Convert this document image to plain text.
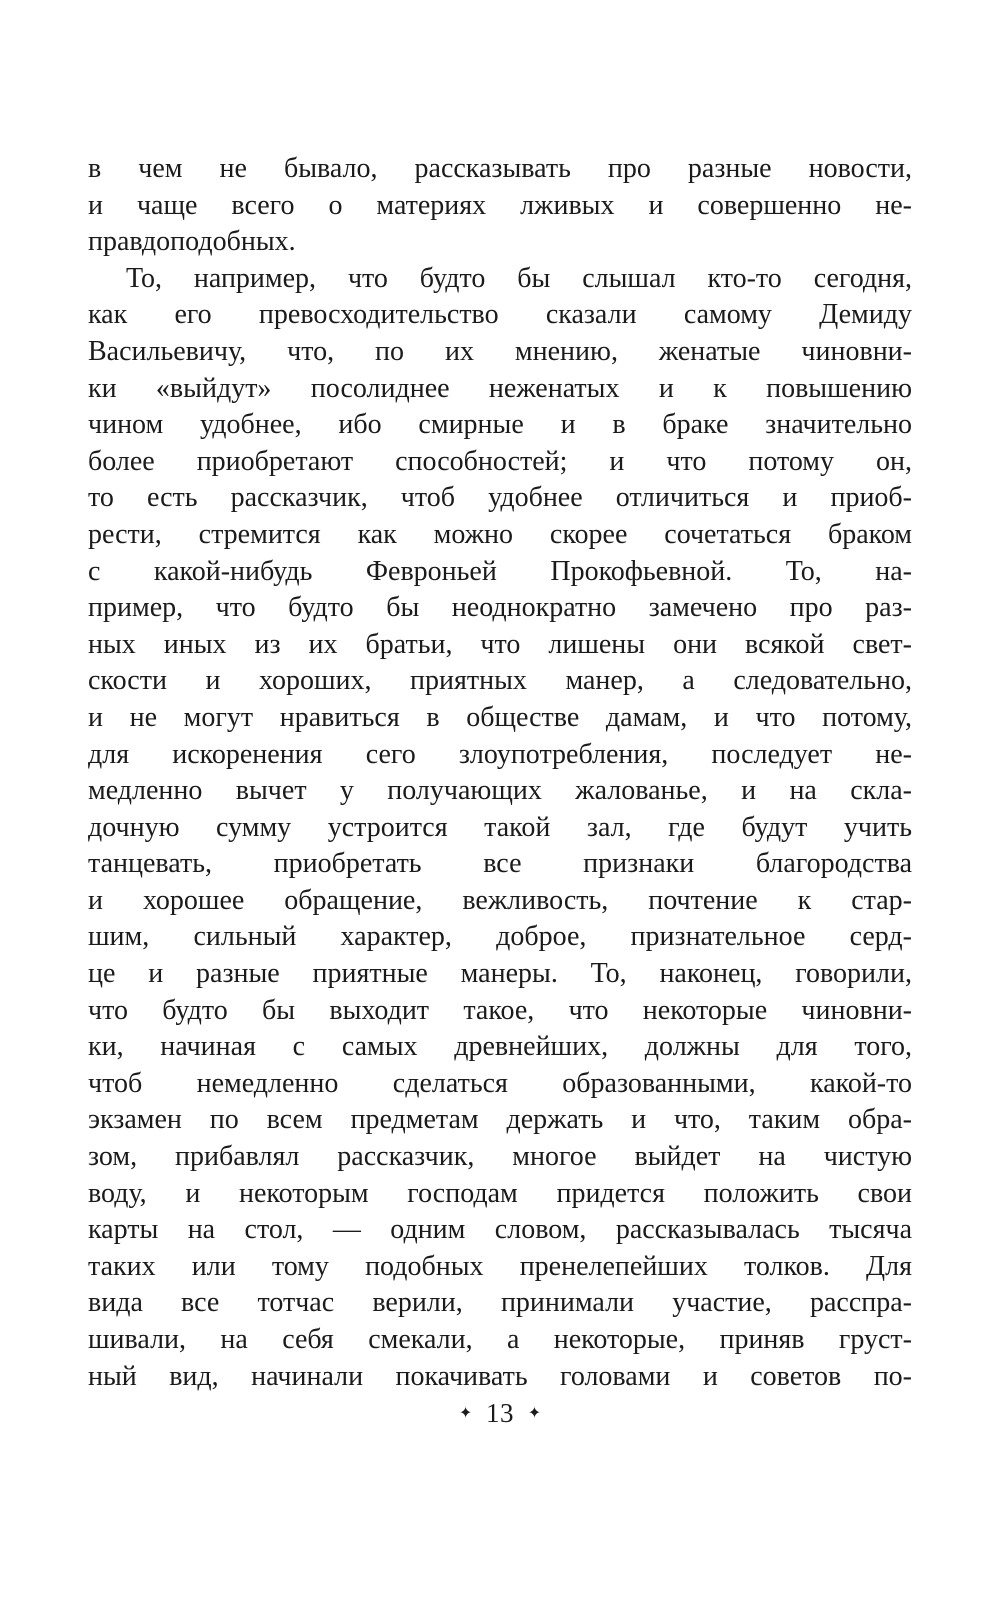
в чем не бывало, рассказывать про разные новости,
и чаще всего о материях лживых и совершенно не-
правдоподобных.
То, например, что будто бы слышал кто-то сегодня,
как его превосходительство сказали самому Демиду
Васильевичу, что, по их мнению, женатые чиновни-
ки «выйдут» посолиднее неженатых и к повышению
чином удобнее, ибо смирные и в браке значительно
более приобретают способностей; и что потому он,
то есть рассказчик, чтоб удобнее отличиться и приоб-
рести, стремится как можно скорее сочетаться браком
с какой-нибудь Февроньей Прокофьевной. То, на-
пример, что будто бы неоднократно замечено про раз-
ных иных из их братьи, что лишены они всякой свет-
скости и хороших, приятных манер, а следовательно,
и не могут нравиться в обществе дамам, и что потому,
для искоренения сего злоупотребления, последует не-
медленно вычет у получающих жалованье, и на скла-
дочную сумму устроится такой зал, где будут учить
танцевать, приобретать все признаки благородства
и хорошее обращение, вежливость, почтение к стар-
шим, сильный характер, доброе, признательное серд-
це и разные приятные манеры. То, наконец, говорили,
что будто бы выходит такое, что некоторые чиновни-
ки, начиная с самых древнейших, должны для того,
чтоб немедленно сделаться образованными, какой-то
экзамен по всем предметам держать и что, таким обра-
зом, прибавлял рассказчик, многое выйдет на чистую
воду, и некоторым господам придется положить свои
карты на стол, — одним словом, рассказывалась тысяча
таких или тому подобных пренелепейших толков. Для
вида все тотчас верили, принимали участие, расспра-
шивали, на себя смекали, а некоторые, приняв груст-
ный вид, начинали покачивать головами и советов по-
✦ 13 ✦
